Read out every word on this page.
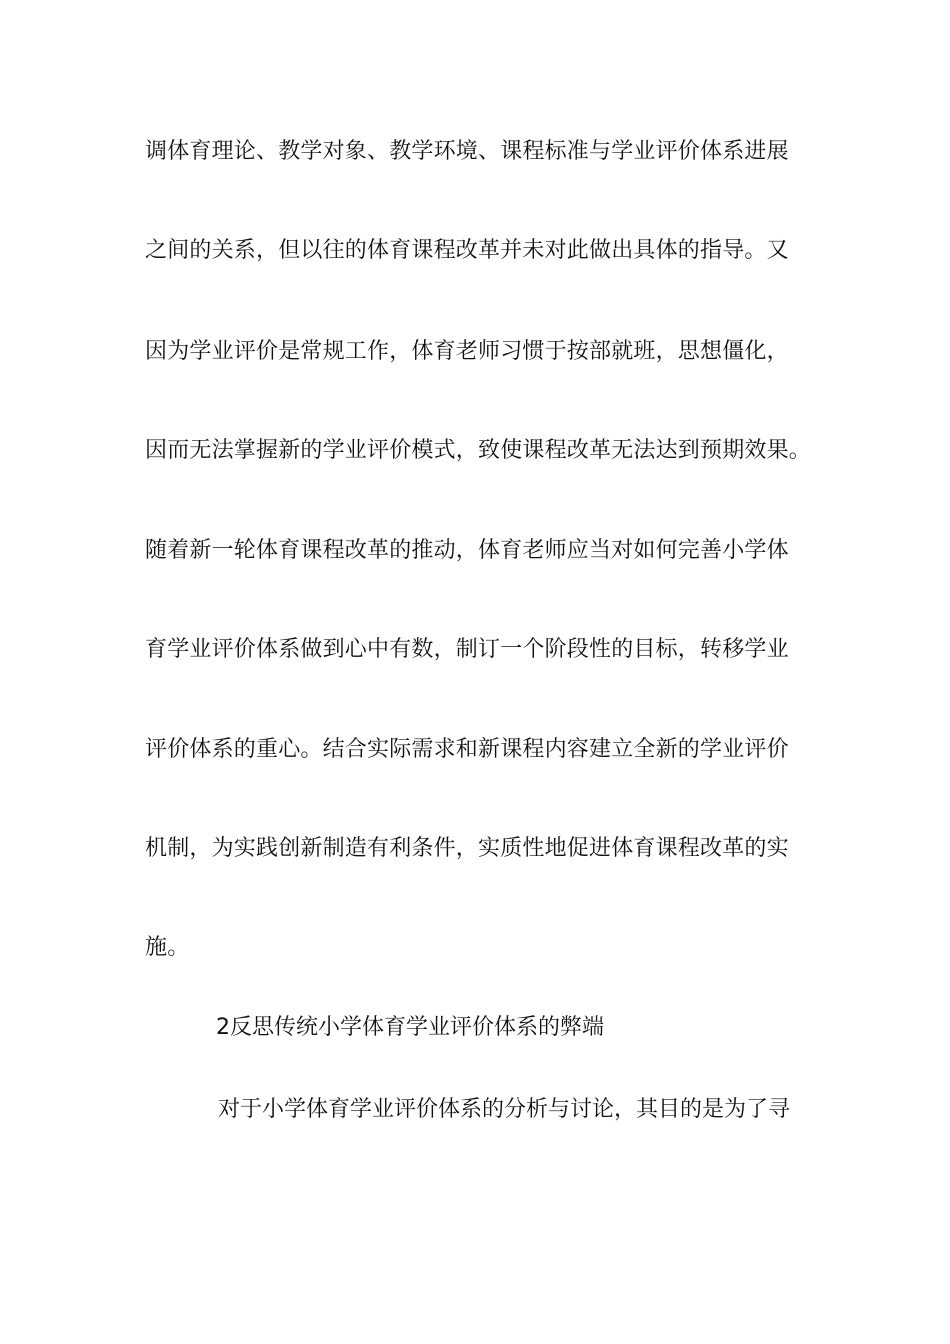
调体育理论、教学对象、教学环境、课程标准与学业评价体系进展
之间的关系，但以往的体育课程改革并未对此做出具体的指导。又
因为学业评价是常规工作，体育老师习惯于按部就班，思想僵化，
因而无法掌握新的学业评价模式，致使课程改革无法达到预期效果。
随着新一轮体育课程改革的推动，体育老师应当对如何完善小学体
育学业评价体系做到心中有数，制订一个阶段性的目标，转移学业
评价体系的重心。结合实际需求和新课程内容建立全新的学业评价
机制，为实践创新制造有利条件，实质性地促进体育课程改革的实
施。
2反思传统小学体育学业评价体系的弊端
对于小学体育学业评价体系的分析与讨论，其目的是为了寻
